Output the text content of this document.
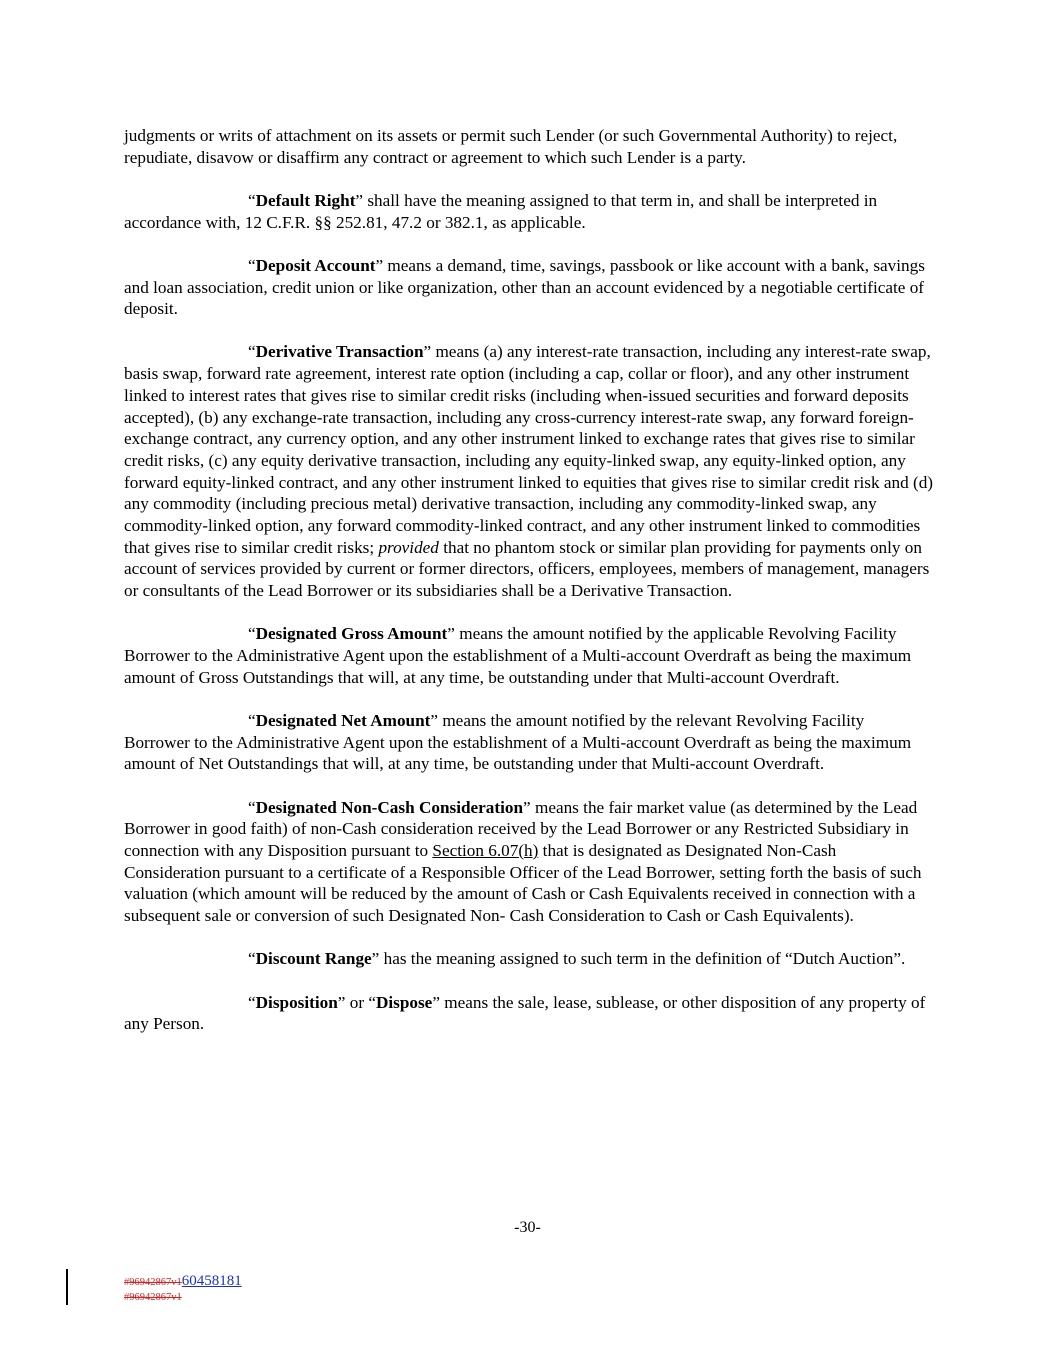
judgments or writs of attachment on its assets or permit such Lender (or such Governmental Authority) to reject, repudiate, disavow or disaffirm any contract or agreement to which such Lender is a party.

“Default Right” shall have the meaning assigned to that term in, and shall be interpreted in accordance with, 12 C.F.R. §§ 252.81, 47.2 or 382.1, as applicable.

“Deposit Account” means a demand, time, savings, passbook or like account with a bank, savings and loan association, credit union or like organization, other than an account evidenced by a negotiable certificate of deposit.

“Derivative Transaction” means (a) any interest-rate transaction, including any interest-rate swap, basis swap, forward rate agreement, interest rate option (including a cap, collar or floor), and any other instrument linked to interest rates that gives rise to similar credit risks (including when-issued securities and forward deposits accepted), (b) any exchange-rate transaction, including any cross-currency interest-rate swap, any forward foreign-exchange contract, any currency option, and any other instrument linked to exchange rates that gives rise to similar credit risks, (c) any equity derivative transaction, including any equity-linked swap, any equity-linked option, any forward equity-linked contract, and any other instrument linked to equities that gives rise to similar credit risk and (d) any commodity (including precious metal) derivative transaction, including any commodity-linked swap, any commodity-linked option, any forward commodity-linked contract, and any other instrument linked to commodities that gives rise to similar credit risks; provided that no phantom stock or similar plan providing for payments only on account of services provided by current or former directors, officers, employees, members of management, managers or consultants of the Lead Borrower or its subsidiaries shall be a Derivative Transaction.

“Designated Gross Amount” means the amount notified by the applicable Revolving Facility Borrower to the Administrative Agent upon the establishment of a Multi-account Overdraft as being the maximum amount of Gross Outstandings that will, at any time, be outstanding under that Multi-account Overdraft.

“Designated Net Amount” means the amount notified by the relevant Revolving Facility Borrower to the Administrative Agent upon the establishment of a Multi-account Overdraft as being the maximum amount of Net Outstandings that will, at any time, be outstanding under that Multi-account Overdraft.

“Designated Non-Cash Consideration” means the fair market value (as determined by the Lead Borrower in good faith) of non-Cash consideration received by the Lead Borrower or any Restricted Subsidiary in connection with any Disposition pursuant to Section 6.07(h) that is designated as Designated Non-Cash Consideration pursuant to a certificate of a Responsible Officer of the Lead Borrower, setting forth the basis of such valuation (which amount will be reduced by the amount of Cash or Cash Equivalents received in connection with a subsequent sale or conversion of such Designated Non- Cash Consideration to Cash or Cash Equivalents).

“Discount Range” has the meaning assigned to such term in the definition of “Dutch Auction”.

“Disposition” or “Dispose” means the sale, lease, sublease, or other disposition of any property of any Person.

-30-
#96942867v160458181
#96942867v1
